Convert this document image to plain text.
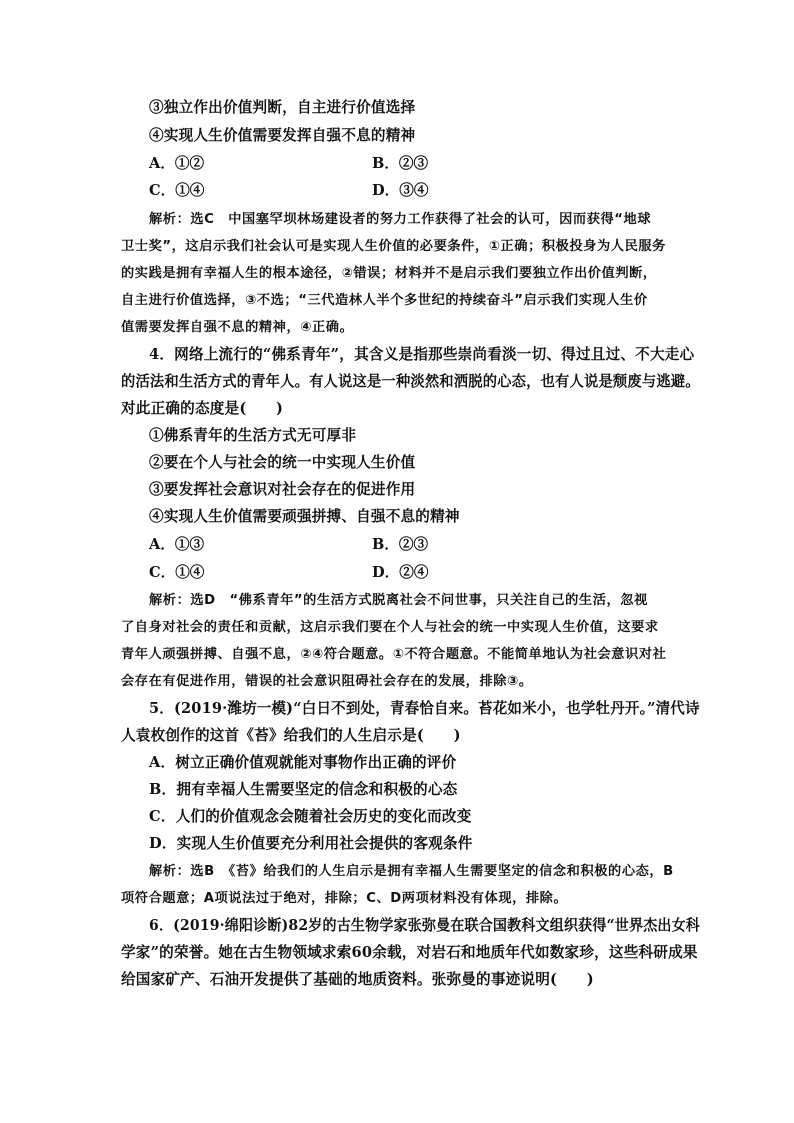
③独立作出价值判断，自主进行价值选择
④实现人生价值需要发挥自强不息的精神
A．①②	B．②③
C．①④	D．③④
解析：选C　中国塞罕坝林场建设者的努力工作获得了社会的认可，因而获得“地球
卫士奖”，这启示我们社会认可是实现人生价值的必要条件，①正确；积极投身为人民服务
的实践是拥有幸福人生的根本途径，②错误；材料并不是启示我们要独立作出价值判断，
自主进行价值选择，③不选；“三代造林人半个多世纪的持续奋斗”启示我们实现人生价
值需要发挥自强不息的精神，④正确。
4．网络上流行的“佛系青年”，其含义是指那些崇尚看淡一切、得过且过、不大走心
的活法和生活方式的青年人。有人说这是一种淡然和洒脱的心态，也有人说是颓废与逃避。
对此正确的态度是(　　)
①佛系青年的生活方式无可厚非
②要在个人与社会的统一中实现人生价值
③要发挥社会意识对社会存在的促进作用
④实现人生价值需要顽强拼搏、自强不息的精神
A．①③	B．②③
C．①④	D．②④
解析：选D　“佛系青年”的生活方式脱离社会不问世事，只关注自己的生活，忽视
了自身对社会的责任和贡献，这启示我们要在个人与社会的统一中实现人生价值，这要求
青年人顽强拼搏、自强不息，②④符合题意。①不符合题意。不能简单地认为社会意识对社
会存在有促进作用，错误的社会意识阻碍社会存在的发展，排除③。
5．(2019·潍坊一模)“白日不到处，青春恰自来。苔花如米小，也学牡丹开。”清代诗
人袁枚创作的这首《苔》给我们的人生启示是(　　)
A．树立正确价值观就能对事物作出正确的评价
B．拥有幸福人生需要坚定的信念和积极的心态
C．人们的价值观念会随着社会历史的变化而改变
D．实现人生价值要充分利用社会提供的客观条件
解析：选B　《苔》给我们的人生启示是拥有幸福人生需要坚定的信念和积极的心态，B
项符合题意；A项说法过于绝对，排除；C、D两项材料没有体现，排除。
6．(2019·绵阳诊断)82岁的古生物学家张弥曼在联合国教科文组织获得“世界杰出女科
学家”的荣誉。她在古生物领域求索60余载，对岩石和地质年代如数家珍，这些科研成果
给国家矿产、石油开发提供了基础的地质资料。张弥曼的事迹说明(　　)
